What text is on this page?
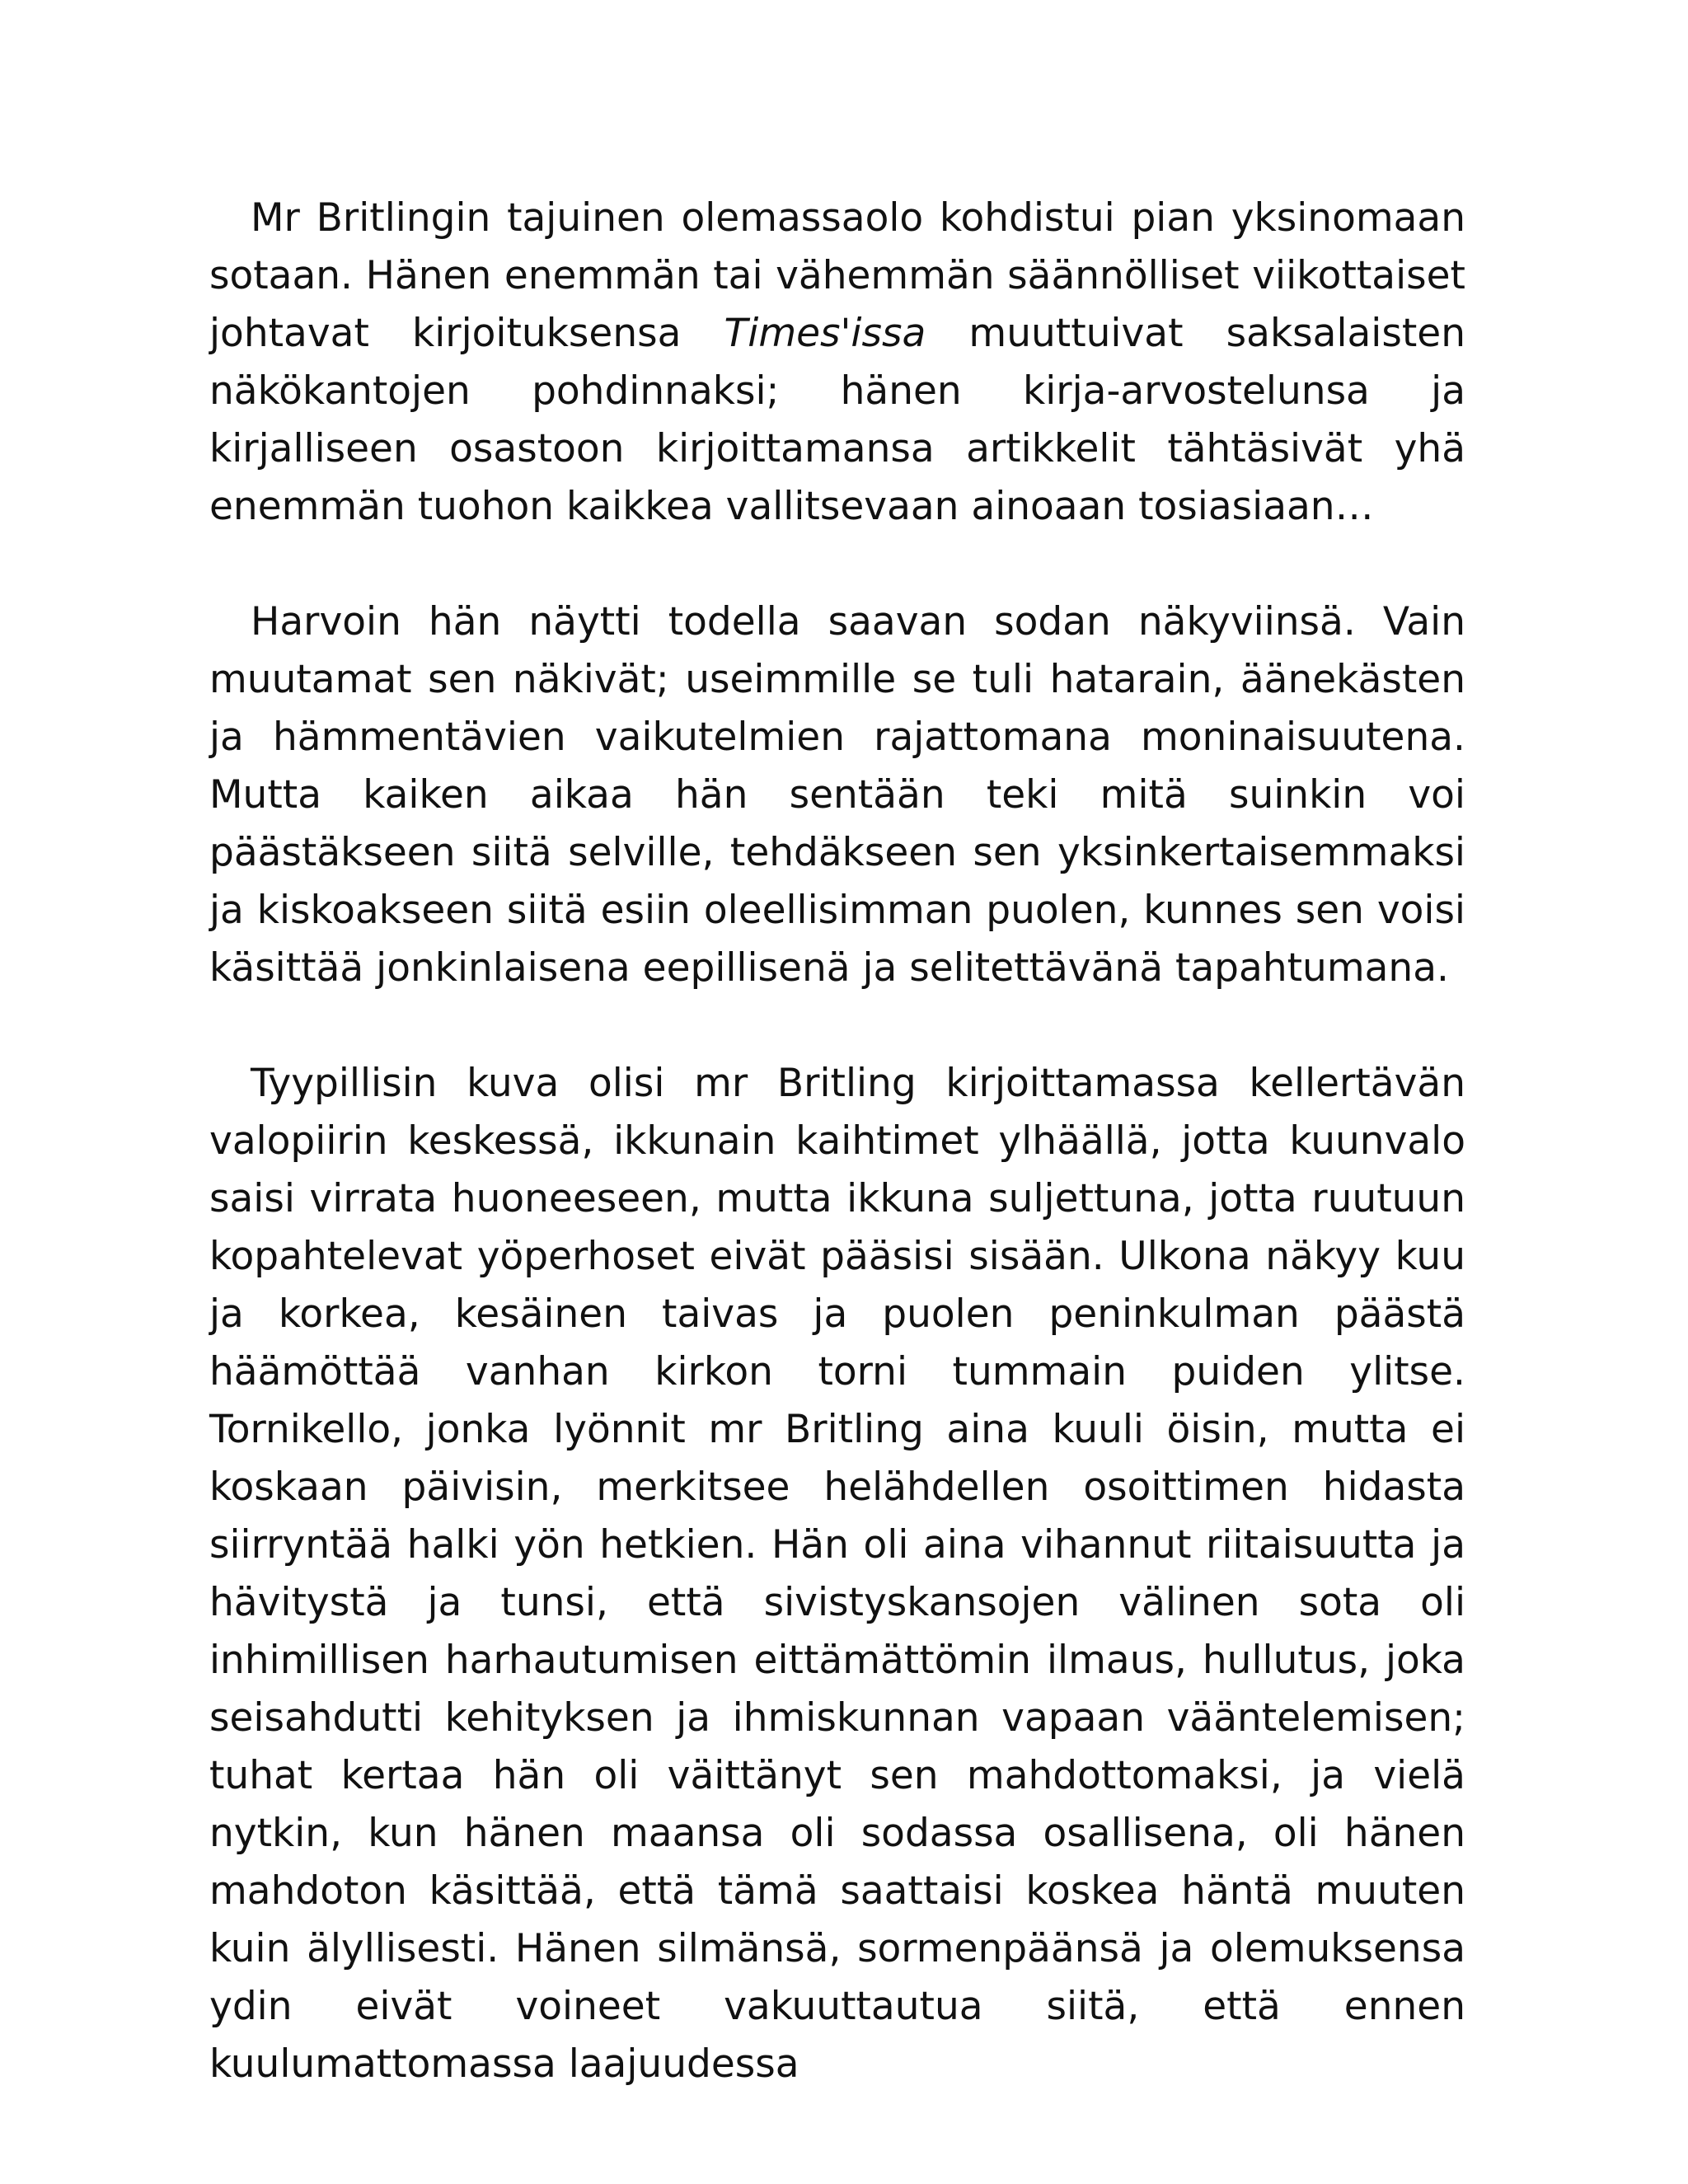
Mr Britlingin tajuinen olemassaolo kohdistui pian yksinomaan sotaan. Hänen enemmän tai vähemmän säännölliset viikottaiset johtavat kirjoituksensa Times'issa muuttuivat saksalaisten näkökantojen pohdinnaksi; hänen kirja-arvostelunsa ja kirjalliseen osastoon kirjoittamansa artikkelit tähtäsivät yhä enemmän tuohon kaikkea vallitsevaan ainoaan tosiasiaan…

Harvoin hän näytti todella saavan sodan näkyviinsä. Vain muutamat sen näkivät; useimmille se tuli hatarain, äänekästen ja hämmentävien vaikutelmien rajattomana moninaisuutena. Mutta kaiken aikaa hän sentään teki mitä suinkin voi päästäkseen siitä selville, tehdäkseen sen yksinkertaisemmaksi ja kiskoakseen siitä esiin oleellisimman puolen, kunnes sen voisi käsittää jonkinlaisena eepillisenä ja selitettävänä tapahtumana.

Tyypillisin kuva olisi mr Britling kirjoittamassa kellertävän valopiirin keskessä, ikkunain kaihtimet ylhäällä, jotta kuunvalo saisi virrata huoneeseen, mutta ikkuna suljettuna, jotta ruutuun kopahtelevat yöperhoset eivät pääsisi sisään. Ulkona näkyy kuu ja korkea, kesäinen taivas ja puolen peninkulman päästä häämöttää vanhan kirkon torni tummain puiden ylitse. Tornikello, jonka lyönnit mr Britling aina kuuli öisin, mutta ei koskaan päivisin, merkitsee helähdellen osoittimen hidasta siirryntää halki yön hetkien. Hän oli aina vihannut riitaisuutta ja hävitystä ja tunsi, että sivistyskansojen välinen sota oli inhimillisen harhautumisen eittämättömin ilmaus, hullutus, joka seisahdutti kehityksen ja ihmiskunnan vapaan vääntelemisen; tuhat kertaa hän oli väittänyt sen mahdottomaksi, ja vielä nytkin, kun hänen maansa oli sodassa osallisena, oli hänen mahdoton käsittää, että tämä saattaisi koskea häntä muuten kuin älyllisesti. Hänen silmänsä, sormenpäänsä ja olemuksensa ydin eivät voineet vakuuttautua siitä, että ennen kuulumattomassa laajuudessa
